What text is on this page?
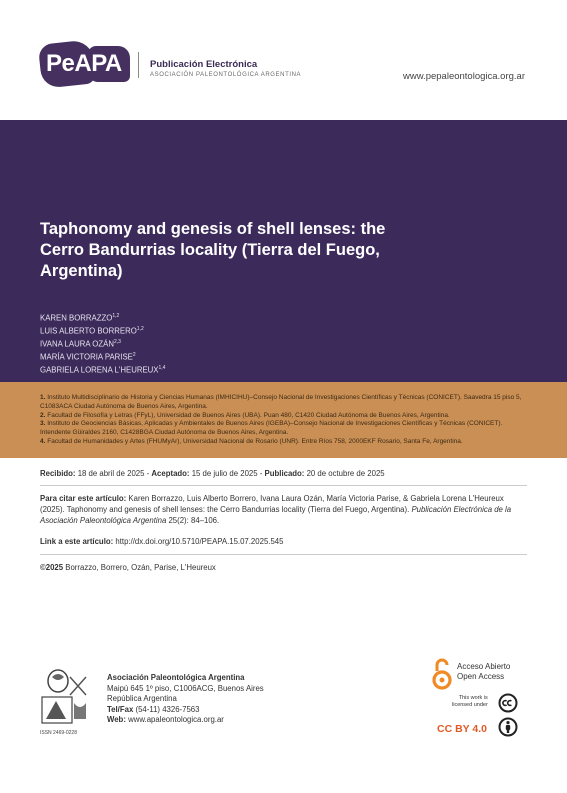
PeAPA	Publicación Electrónica
ASOCIACIÓN PALEONTOLÓGICA ARGENTINA	www.pepaleontologica.org.ar
Taphonomy and genesis of shell lenses: the Cerro Bandurrias locality (Tierra del Fuego, Argentina)
KAREN BORRAZZO$^{1,2}$
LUIS ALBERTO BORRERO$^{1,2}$
IVANA LAURA OZÁN$^{2,3}$
MARÍA VICTORIA PARISE$^2$
GABRIELA LORENA L'HEUREUX$^{1,4}$
1. Instituto Multidisciplinario de Historia y Ciencias Humanas (IMHICIHU)–Consejo Nacional de Investigaciones Científicas y Técnicas (CONICET). Saavedra 15 piso 5, C1083ACA Ciudad Autónoma de Buenos Aires, Argentina.
2. Facultad de Filosofía y Letras (FFyL), Universidad de Buenos Aires (UBA). Puan 480, C1420 Ciudad Autónoma de Buenos Aires, Argentina.
3. Instituto de Geociencias Básicas, Aplicadas y Ambientales de Buenos Aires (IGEBA)–Consejo Nacional de Investigaciones Científicas y Técnicas (CONICET). Intendente Güiraldes 2160, C1428BGA Ciudad Autónoma de Buenos Aires, Argentina.
4. Facultad de Humanidades y Artes (FHUMyAr), Universidad Nacional de Rosario (UNR). Entre Ríos 758, 2000EKF Rosario, Santa Fe, Argentina.
Recibido: 18 de abril de 2025 - Aceptado: 15 de julio de 2025 - Publicado: 20 de octubre de 2025
Para citar este artículo: Karen Borrazzo, Luis Alberto Borrero, Ivana Laura Ozán, María Victoria Parise, & Gabriela Lorena L'Heureux (2025). Taphonomy and genesis of shell lenses: the Cerro Bandurrias locality (Tierra del Fuego, Argentina). Publicación Electrónica de la Asociación Paleontológica Argentina 25(2): 84–106.
Link a este artículo: http://dx.doi.org/10.5710/PEAPA.15.07.2025.545
©2025 Borrazzo, Borrero, Ozán, Parise, L'Heureux
ISSN 2469-0228
Asociación Paleontológica Argentina
Maipú 645 1º piso, C1006ACG, Buenos Aires
República Argentina
Tel/Fax (54-11) 4326-7563
Web: www.apaleontologica.org.ar
Acceso Abierto
Open Access
This work is
licensed under
CC BY 4.0
